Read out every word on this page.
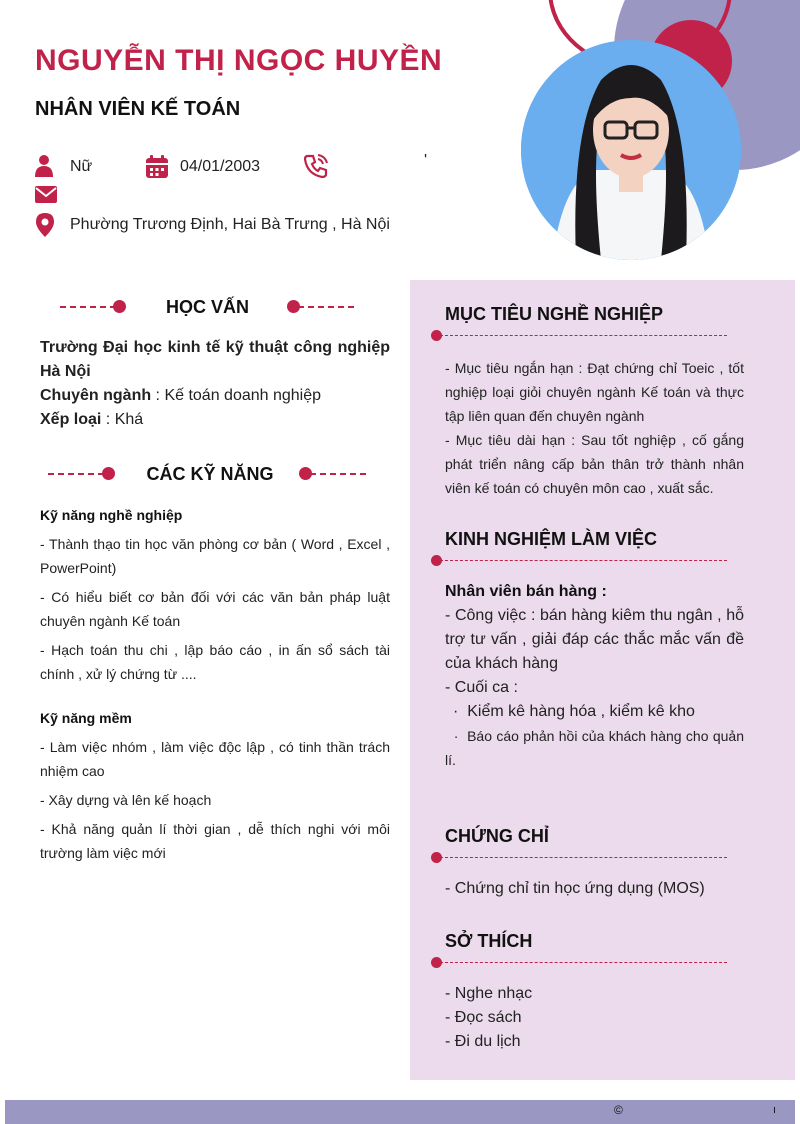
NGUYỄN THỊ NGỌC HUYỀN
NHÂN VIÊN KẾ TOÁN
Nữ	04/01/2003	'
Phường Trương Định, Hai Bà Trưng , Hà Nội
©	ı
HỌC VẤN
Trường Đại học kinh tế kỹ thuật công nghiệp Hà Nội
Chuyên ngành : Kế toán doanh nghiệp
Xếp loại : Khá
CÁC KỸ NĂNG
Kỹ năng nghề nghiệp
- Thành thạo tin học văn phòng cơ bản ( Word , Excel , PowerPoint)
- Có hiểu biết cơ bản đối với các văn bản pháp luật chuyên ngành Kế toán
- Hạch toán thu chi , lập báo cáo , in ấn sổ sách tài chính , xử lý chứng từ ....
Kỹ năng mềm
- Làm việc nhóm , làm việc độc lập , có tinh thần trách nhiệm cao
- Xây dựng và lên kế hoạch
- Khả năng quản lí thời gian , dễ thích nghi với môi trường làm việc mới
MỤC TIÊU NGHỀ NGHIỆP
- Mục tiêu ngắn hạn : Đạt chứng chỉ Toeic , tốt nghiệp loại giỏi chuyên ngành Kế toán và thực tập liên quan đến chuyên ngành
- Mục tiêu dài hạn : Sau tốt nghiệp , cố gắng phát triển nâng cấp bản thân trở thành nhân viên kế toán có chuyên môn cao , xuất sắc.
KINH NGHIỆM LÀM VIỆC
Nhân viên bán hàng :
- Công việc : bán hàng kiêm thu ngân , hỗ trợ tư vấn , giải đáp các thắc mắc vấn đề của khách hàng
- Cuối ca :
·  Kiểm kê hàng hóa , kiểm kê kho
·  Báo cáo phản hồi của khách hàng cho quản lí.
CHỨNG CHỈ
- Chứng chỉ tin học ứng dụng (MOS)
SỞ THÍCH
- Nghe nhạc
- Đọc sách
- Đi du lịch
